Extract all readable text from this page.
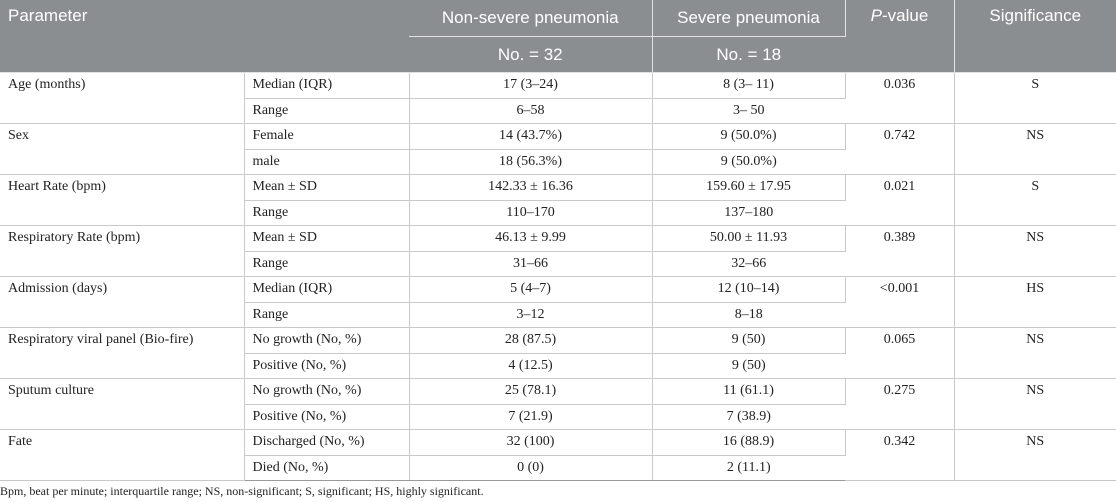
Parameter		Non-severe pneumonia	Severe pneumonia	P-value	Significance
		No. = 32	No. = 18		
Age (months)	Median (IQR)	17 (3–24)	8 (3– 11)	0.036	S
	Range	6–58	3– 50		
Sex	Female	14 (43.7%)	9 (50.0%)	0.742	NS
	male	18 (56.3%)	9 (50.0%)		
Heart Rate (bpm)	Mean ± SD	142.33 ± 16.36	159.60 ± 17.95	0.021	S
	Range	110–170	137–180		
Respiratory Rate (bpm)	Mean ± SD	46.13 ± 9.99	50.00 ± 11.93	0.389	NS
	Range	31–66	32–66		
Admission (days)	Median (IQR)	5 (4–7)	12 (10–14)	<0.001	HS
	Range	3–12	8–18		
Respiratory viral panel (Bio-fire)	No growth (No, %)	28 (87.5)	9 (50)	0.065	NS
	Positive (No, %)	4 (12.5)	9 (50)		
Sputum culture	No growth (No, %)	25 (78.1)	11 (61.1)	0.275	NS
	Positive (No, %)	7 (21.9)	7 (38.9)		
Fate	Discharged (No, %)	32 (100)	16 (88.9)	0.342	NS
	Died (No, %)	0 (0)	2 (11.1)		
Bpm, beat per minute; interquartile range; NS, non-significant; S, significant; HS, highly significant.
